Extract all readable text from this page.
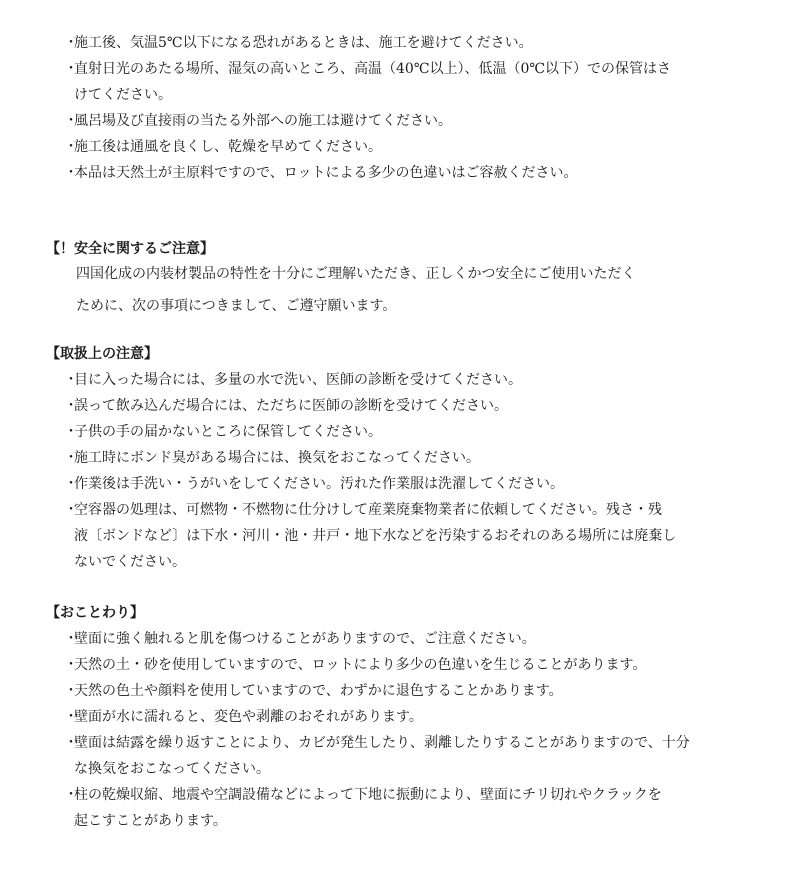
・
施工後、気温5℃以下になる恐れがあるときは、施工を避けてください。
・
直射日光のあたる場所、湿気の高いところ、高温（40℃以上）、低温（0℃以下）での保管はさ
けてください。
・
風呂場及び直接雨の当たる外部への施工は避けてください。
・
施工後は通風を良くし、乾燥を早めてください。
・
本品は天然土が主原料ですので、ロットによる多少の色違いはご容赦ください。
【！安全に関するご注意】
四国化成の内装材製品の特性を十分にご理解いただき、正しくかつ安全にご使用いただく
ために、次の事項につきまして、ご遵守願います。
【取扱上の注意】
・
目に入った場合には、多量の水で洗い、医師の診断を受けてください。
・
誤って飲み込んだ場合には、ただちに医師の診断を受けてください。
・
子供の手の届かないところに保管してください。
・
施工時にボンド臭がある場合には、換気をおこなってください。
・
作業後は手洗い・うがいをしてください。汚れた作業服は洗濯してください。
・
空容器の処理は、可燃物・不燃物に仕分けして産業廃棄物業者に依頼してください。残さ・残
液〔ボンドなど〕は下水・河川・池・井戸・地下水などを汚染するおそれのある場所には廃棄し
ないでください。
【おことわり】
・
壁面に強く触れると肌を傷つけることがありますので、ご注意ください。
・
天然の土・砂を使用していますので、ロットにより多少の色違いを生じることがあります。
・
天然の色土や顔料を使用していますので、わずかに退色することかあります。
・
壁面が水に濡れると、変色や剥離のおそれがあります。
・
壁面は結露を繰り返すことにより、カビが発生したり、剥離したりすることがありますので、十分
な換気をおこなってください。
・
柱の乾燥収縮、地震や空調設備などによって下地に振動により、壁面にチリ切れやクラックを
起こすことがあります。
